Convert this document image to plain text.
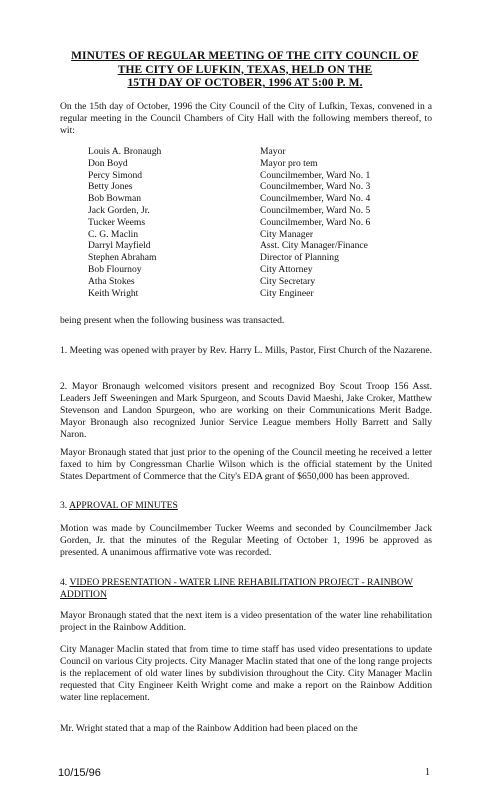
MINUTES OF REGULAR MEETING OF THE CITY COUNCIL OF
THE CITY OF LUFKIN, TEXAS, HELD ON THE
15TH DAY OF OCTOBER, 1996 AT 5:00 P. M.
On the 15th day of October, 1996 the City Council of the City of Lufkin, Texas, convened in a regular meeting in the Council Chambers of City Hall with the following members thereof, to wit:
Louis A. Bronaugh	Mayor
Don Boyd	Mayor pro tem
Percy Simond	Councilmember, Ward No. 1
Betty Jones	Councilmember, Ward No. 3
Bob Bowman	Councilmember, Ward No. 4
Jack Gorden, Jr.	Councilmember, Ward No. 5
Tucker Weems	Councilmember, Ward No. 6
C. G. Maclin	City Manager
Darryl Mayfield	Asst. City Manager/Finance
Stephen Abraham	Director of Planning
Bob Flournoy	City Attorney
Atha Stokes	City Secretary
Keith Wright	City Engineer
being present when the following business was transacted.
1. Meeting was opened with prayer by Rev. Harry L. Mills, Pastor, First Church of the Nazarene.
2. Mayor Bronaugh welcomed visitors present and recognized Boy Scout Troop 156 Asst. Leaders Jeff Sweeningen and Mark Spurgeon, and Scouts David Maeshi, Jake Croker, Matthew Stevenson and Landon Spurgeon, who are working on their Communications Merit Badge. Mayor Bronaugh also recognized Junior Service League members Holly Barrett and Sally Naron.
Mayor Bronaugh stated that just prior to the opening of the Council meeting he received a letter faxed to him by Congressman Charlie Wilson which is the official statement by the United States Department of Commerce that the City's EDA grant of $650,000 has been approved.
3. APPROVAL OF MINUTES
Motion was made by Councilmember Tucker Weems and seconded by Councilmember Jack Gorden, Jr. that the minutes of the Regular Meeting of October 1, 1996 be approved as presented. A unanimous affirmative vote was recorded.
4. VIDEO PRESENTATION - WATER LINE REHABILITATION PROJECT - RAINBOW ADDITION
Mayor Bronaugh stated that the next item is a video presentation of the water line rehabilitation project in the Rainbow Addition.
City Manager Maclin stated that from time to time staff has used video presentations to update Council on various City projects. City Manager Maclin stated that one of the long range projects is the replacement of old water lines by subdivision throughout the City. City Manager Maclin requested that City Engineer Keith Wright come and make a report on the Rainbow Addition water line replacement.
Mr. Wright stated that a map of the Rainbow Addition had been placed on the
10/15/96	1
